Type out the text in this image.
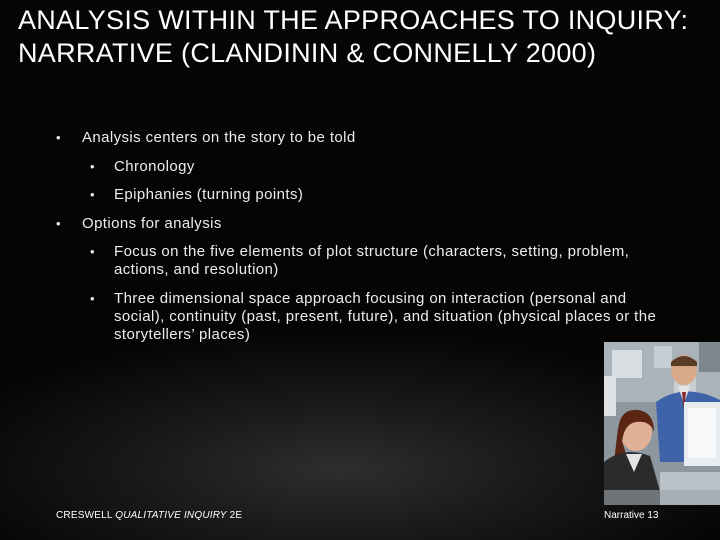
ANALYSIS WITHIN THE APPROACHES TO INQUIRY: NARRATIVE (CLANDININ & CONNELLY 2000)
• Analysis centers on the story to be told
• Chronology
• Epiphanies (turning points)
• Options for analysis
• Focus on the five elements of plot structure (characters, setting, problem, actions, and resolution)
• Three dimensional space approach focusing on interaction (personal and social), continuity (past, present, future), and situation (physical places or the storytellers’ places)
CRESWELL QUALITATIVE INQUIRY 2E	Narrative 13
